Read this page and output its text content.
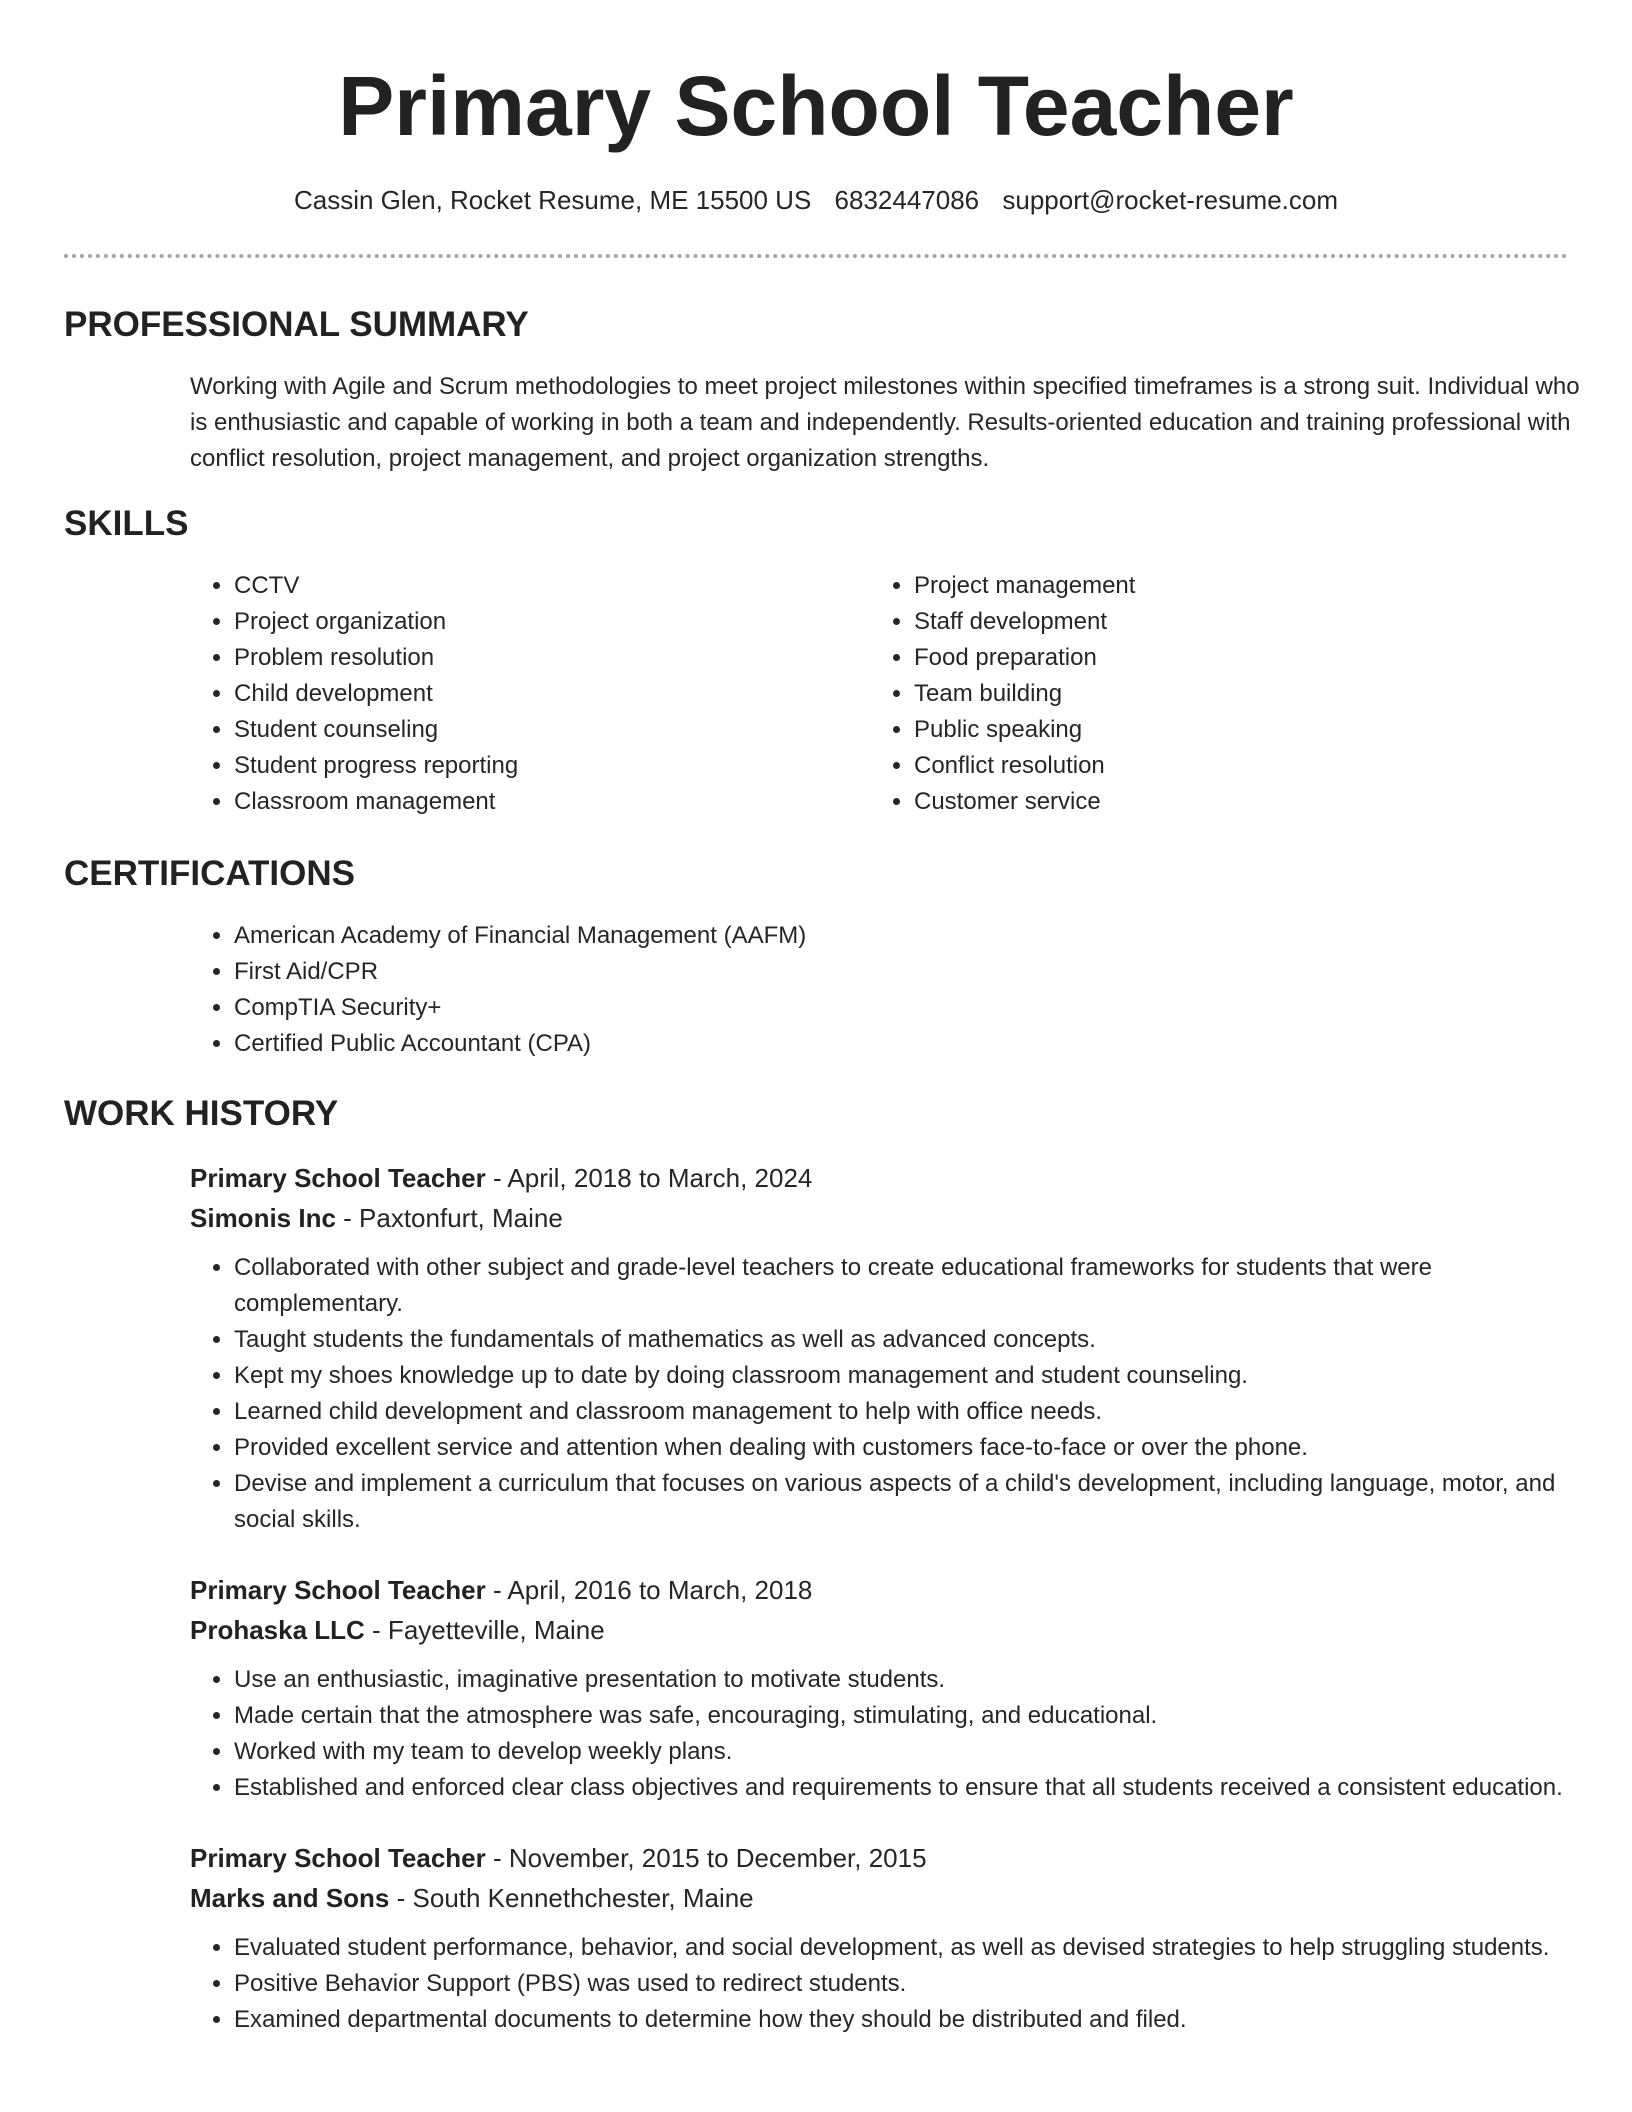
Primary School Teacher
Cassin Glen, Rocket Resume, ME 15500 US 6832447086 support@rocket-resume.com
PROFESSIONAL SUMMARY

Working with Agile and Scrum methodologies to meet project milestones within specified timeframes is a strong suit. Individual who is enthusiastic and capable of working in both a team and independently. Results-oriented education and training professional with conflict resolution, project management, and project organization strengths.

SKILLS
• CCTV
• Project organization
• Problem resolution
• Child development
• Student counseling
• Student progress reporting
• Classroom management
• Project management
• Staff development
• Food preparation
• Team building
• Public speaking
• Conflict resolution
• Customer service
CERTIFICATIONS
• American Academy of Financial Management (AAFM)
• First Aid/CPR
• CompTIA Security+
• Certified Public Accountant (CPA)
WORK HISTORY
Primary School Teacher - April, 2018 to March, 2024
Simonis Inc - Paxtonfurt, Maine
• Collaborated with other subject and grade-level teachers to create educational frameworks for students that were complementary.
• Taught students the fundamentals of mathematics as well as advanced concepts.
• Kept my shoes knowledge up to date by doing classroom management and student counseling.
• Learned child development and classroom management to help with office needs.
• Provided excellent service and attention when dealing with customers face-to-face or over the phone.
• Devise and implement a curriculum that focuses on various aspects of a child's development, including language, motor, and social skills.
Primary School Teacher - April, 2016 to March, 2018
Prohaska LLC - Fayetteville, Maine
• Use an enthusiastic, imaginative presentation to motivate students.
• Made certain that the atmosphere was safe, encouraging, stimulating, and educational.
• Worked with my team to develop weekly plans.
• Established and enforced clear class objectives and requirements to ensure that all students received a consistent education.
Primary School Teacher - November, 2015 to December, 2015
Marks and Sons - South Kennethchester, Maine
• Evaluated student performance, behavior, and social development, as well as devised strategies to help struggling students.
• Positive Behavior Support (PBS) was used to redirect students.
• Examined departmental documents to determine how they should be distributed and filed.
